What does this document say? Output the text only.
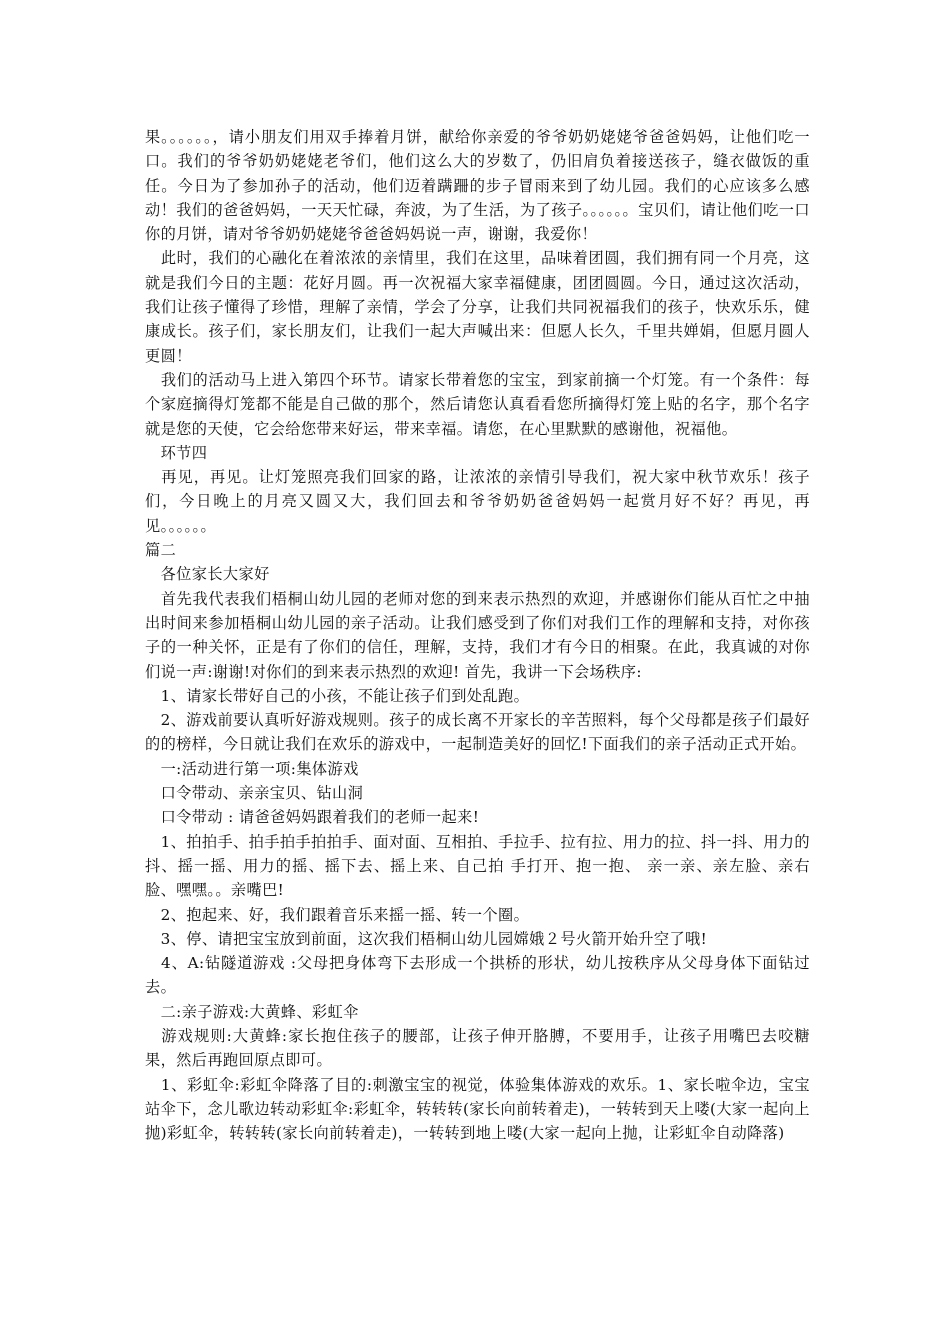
果。。。。。。，请小朋友们用双手捧着月饼，献给你亲爱的爷爷奶奶姥姥爷爸爸妈妈，让他们吃一口。我们的爷爷奶奶姥姥老爷们，他们这么大的岁数了，仍旧肩负着接送孩子，缝衣做饭的重任。今日为了参加孙子的活动，他们迈着蹒跚的步子冒雨来到了幼儿园。我们的心应该多么感动！我们的爸爸妈妈，一天天忙碌，奔波，为了生活，为了孩子。。。。。。宝贝们，请让他们吃一口你的月饼，请对爷爷奶奶姥姥爷爸爸妈妈说一声，谢谢，我爱你！

　此时，我们的心融化在着浓浓的亲情里，我们在这里，品味着团圆，我们拥有同一个月亮，这就是我们今日的主题：花好月圆。再一次祝福大家幸福健康，团团圆圆。今日，通过这次活动，我们让孩子懂得了珍惜，理解了亲情，学会了分享，让我们共同祝福我们的孩子，快欢乐乐，健康成长。孩子们，家长朋友们，让我们一起大声喊出来：但愿人长久，千里共婵娟，但愿月圆人更圆！

　我们的活动马上进入第四个环节。请家长带着您的宝宝，到家前摘一个灯笼。有一个条件：每个家庭摘得灯笼都不能是自己做的那个，然后请您认真看看您所摘得灯笼上贴的名字，那个名字就是您的天使，它会给您带来好运，带来幸福。请您，在心里默默的感谢他，祝福他。

　环节四

　再见，再见。让灯笼照亮我们回家的路，让浓浓的亲情引导我们，祝大家中秋节欢乐！孩子们，今日晚上的月亮又圆又大，我们回去和爷爷奶奶爸爸妈妈一起赏月好不好？再见，再见。。。。。。

篇二

　各位家长大家好

　首先我代表我们梧桐山幼儿园的老师对您的到来表示热烈的欢迎，并感谢你们能从百忙之中抽出时间来参加梧桐山幼儿园的亲子活动。让我们感受到了你们对我们工作的理解和支持，对你孩子的一种关怀，正是有了你们的信任，理解，支持，我们才有今日的相聚。在此，我真诚的对你们说一声:谢谢!对你们的到来表示热烈的欢迎! 首先，我讲一下会场秩序:

　1、请家长带好自己的小孩，不能让孩子们到处乱跑。

　2、游戏前要认真听好游戏规则。孩子的成长离不开家长的辛苦照料，每个父母都是孩子们最好的的榜样，今日就让我们在欢乐的游戏中，一起制造美好的回忆!下面我们的亲子活动正式开始。

　一:活动进行第一项:集体游戏

　口令带动、亲亲宝贝、钻山洞

　口令带动 : 请爸爸妈妈跟着我们的老师一起来!

　1、拍拍手、拍手拍手拍拍手、面对面、互相拍、手拉手、拉有拉、用力的拉、抖一抖、用力的抖、摇一摇、用力的摇、摇下去、摇上来、自己拍 手打开、抱一抱、 亲一亲、亲左脸、亲右脸、嘿嘿。。亲嘴巴!

　2、抱起来、好，我们跟着音乐来摇一摇、转一个圈。

　3、停、请把宝宝放到前面，这次我们梧桐山幼儿园嫦娥２号火箭开始升空了哦!

　4、A:钻隧道游戏 :父母把身体弯下去形成一个拱桥的形状，幼儿按秩序从父母身体下面钻过去。

　二:亲子游戏:大黄蜂、彩虹伞

　游戏规则:大黄蜂:家长抱住孩子的腰部，让孩子伸开胳膊，不要用手，让孩子用嘴巴去咬糖果，然后再跑回原点即可。

　1、彩虹伞:彩虹伞降落了目的:刺激宝宝的视觉，体验集体游戏的欢乐。1、家长啦伞边，宝宝站伞下，念儿歌边转动彩虹伞:彩虹伞，转转转(家长向前转着走)，一转转到天上喽(大家一起向上抛)彩虹伞，转转转(家长向前转着走)，一转转到地上喽(大家一起向上抛，让彩虹伞自动降落)
